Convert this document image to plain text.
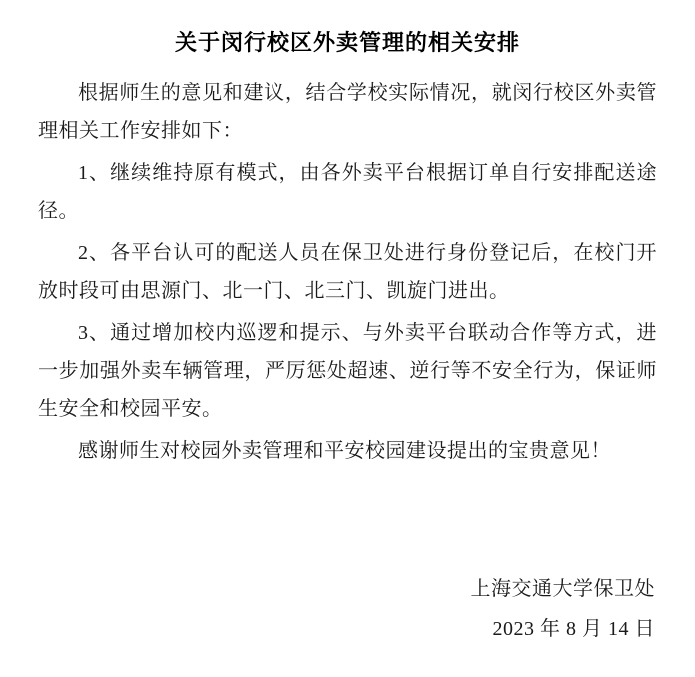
关于闵行校区外卖管理的相关安排

根据师生的意见和建议，结合学校实际情况，就闵行校区外卖管理相关工作安排如下：

1、继续维持原有模式，由各外卖平台根据订单自行安排配送途径。

2、各平台认可的配送人员在保卫处进行身份登记后，在校门开放时段可由思源门、北一门、北三门、凯旋门进出。

3、通过增加校内巡逻和提示、与外卖平台联动合作等方式，进一步加强外卖车辆管理，严厉惩处超速、逆行等不安全行为，保证师生安全和校园平安。

感谢师生对校园外卖管理和平安校园建设提出的宝贵意见！

上海交通大学保卫处
2023 年 8 月 14 日
